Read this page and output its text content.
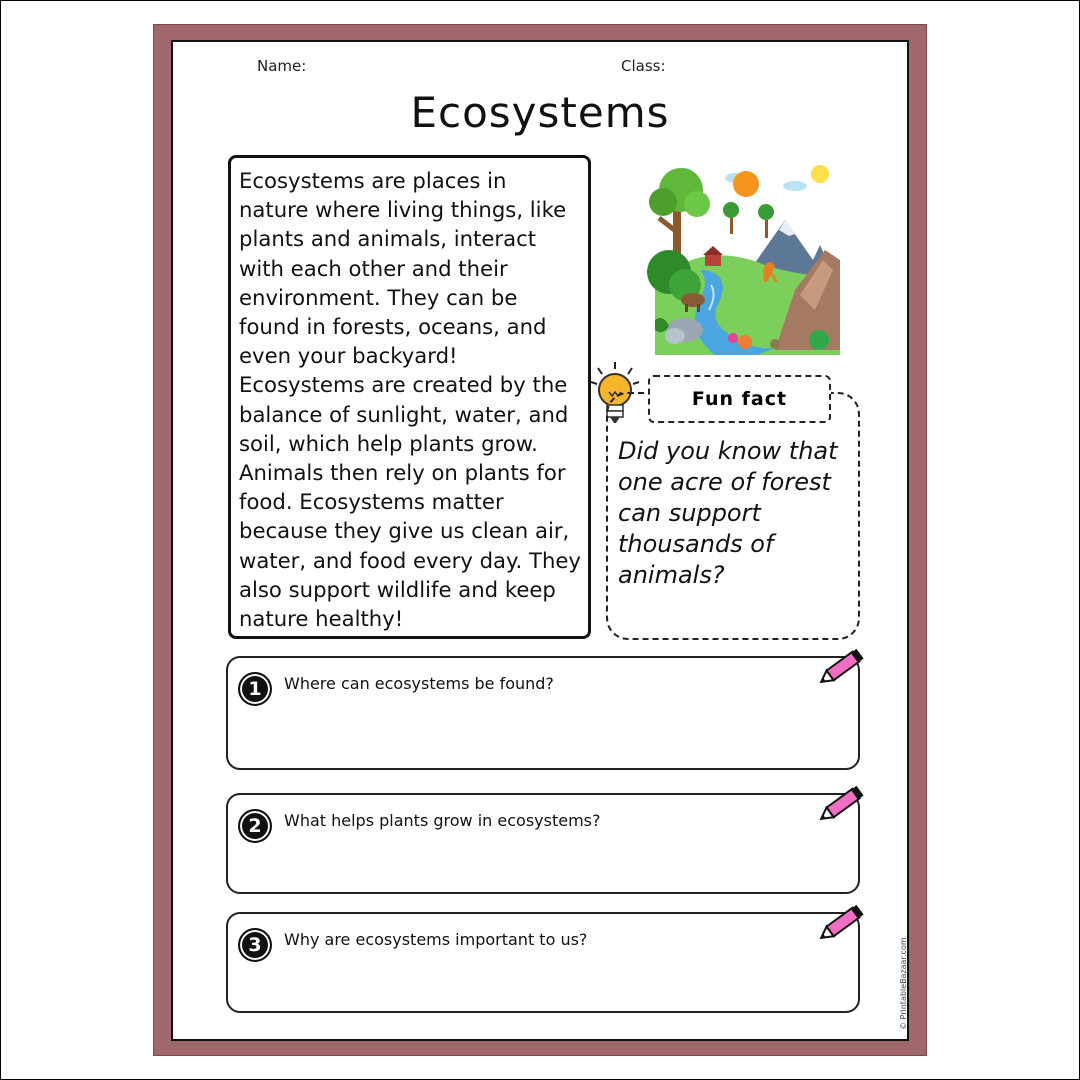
Name:	Class:
Ecosystems
Ecosystems are places in nature where living things, like plants and animals, interact with each other and their environment. They can be found in forests, oceans, and even your backyard! Ecosystems are created by the balance of sunlight, water, and soil, which help plants grow. Animals then rely on plants for food. Ecosystems matter because they give us clean air, water, and food every day. They also support wildlife and keep nature healthy!
Fun fact
Did you know that one acre of forest can support thousands of animals?
1	Where can ecosystems be found?
2	What helps plants grow in ecosystems?
3	Why are ecosystems important to us?	© PrintableBazaar.com
